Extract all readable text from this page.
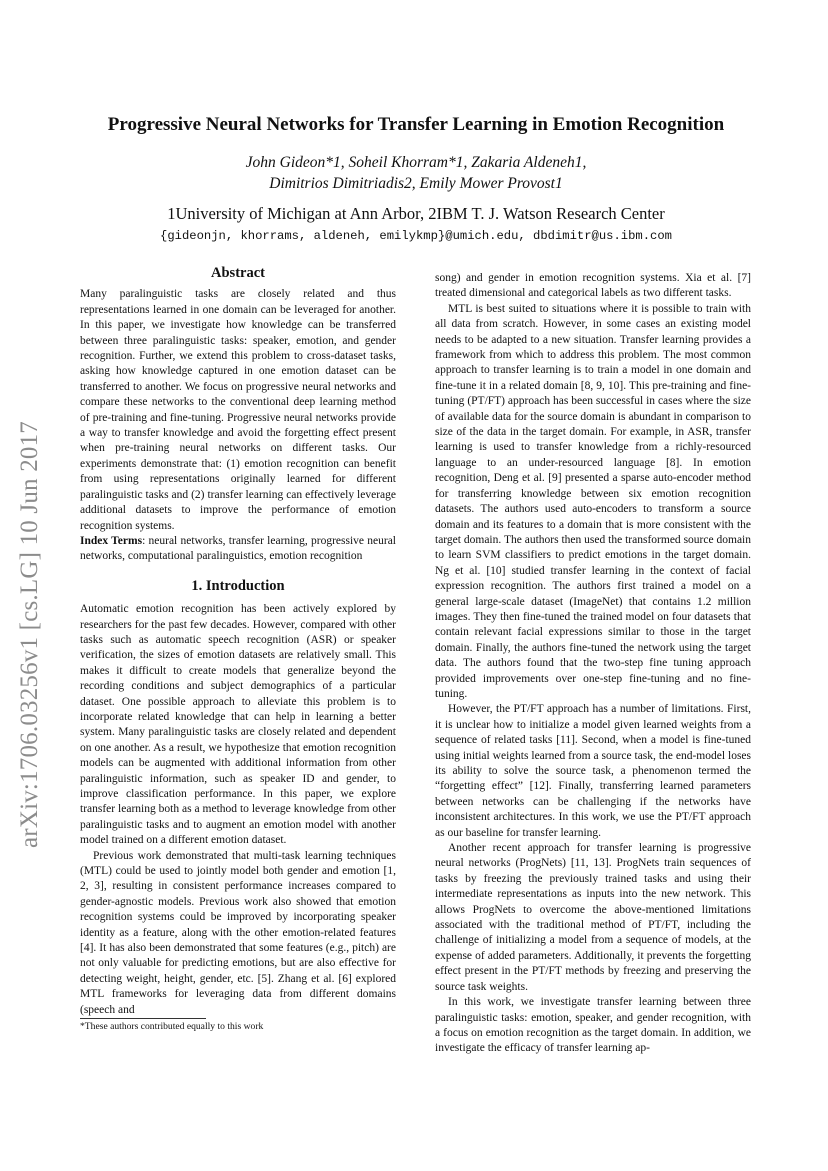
arXiv:1706.03256v1 [cs.LG] 10 Jun 2017
Progressive Neural Networks for Transfer Learning in Emotion Recognition
John Gideon*1, Soheil Khorram*1, Zakaria Aldeneh1,
Dimitrios Dimitriadis2, Emily Mower Provost1
1University of Michigan at Ann Arbor, 2IBM T. J. Watson Research Center
{gideonjn, khorrams, aldeneh, emilykmp}@umich.edu, dbdimitr@us.ibm.com
Abstract

Many paralinguistic tasks are closely related and thus representations learned in one domain can be leveraged for another. In this paper, we investigate how knowledge can be transferred between three paralinguistic tasks: speaker, emotion, and gender recognition. Further, we extend this problem to cross-dataset tasks, asking how knowledge captured in one emotion dataset can be transferred to another. We focus on progressive neural networks and compare these networks to the conventional deep learning method of pre-training and fine-tuning. Progressive neural networks provide a way to transfer knowledge and avoid the forgetting effect present when pre-training neural networks on different tasks. Our experiments demonstrate that: (1) emotion recognition can benefit from using representations originally learned for different paralinguistic tasks and (2) transfer learning can effectively leverage additional datasets to improve the performance of emotion recognition systems.

Index Terms: neural networks, transfer learning, progressive neural networks, computational paralinguistics, emotion recognition

1. Introduction

Automatic emotion recognition has been actively explored by researchers for the past few decades. However, compared with other tasks such as automatic speech recognition (ASR) or speaker verification, the sizes of emotion datasets are relatively small. This makes it difficult to create models that generalize beyond the recording conditions and subject demographics of a particular dataset. One possible approach to alleviate this problem is to incorporate related knowledge that can help in learning a better system. Many paralinguistic tasks are closely related and dependent on one another. As a result, we hypothesize that emotion recognition models can be augmented with additional information from other paralinguistic information, such as speaker ID and gender, to improve classification performance. In this paper, we explore transfer learning both as a method to leverage knowledge from other paralinguistic tasks and to augment an emotion model with another model trained on a different emotion dataset.

Previous work demonstrated that multi-task learning techniques (MTL) could be used to jointly model both gender and emotion [1, 2, 3], resulting in consistent performance increases compared to gender-agnostic models. Previous work also showed that emotion recognition systems could be improved by incorporating speaker identity as a feature, along with the other emotion-related features [4]. It has also been demonstrated that some features (e.g., pitch) are not only valuable for predicting emotions, but are also effective for detecting weight, height, gender, etc. [5]. Zhang et al. [6] explored MTL frameworks for leveraging data from different domains (speech and

song) and gender in emotion recognition systems. Xia et al. [7] treated dimensional and categorical labels as two different tasks.

MTL is best suited to situations where it is possible to train with all data from scratch. However, in some cases an existing model needs to be adapted to a new situation. Transfer learning provides a framework from which to address this problem. The most common approach to transfer learning is to train a model in one domain and fine-tune it in a related domain [8, 9, 10]. This pre-training and fine-tuning (PT/FT) approach has been successful in cases where the size of available data for the source domain is abundant in comparison to size of the data in the target domain. For example, in ASR, transfer learning is used to transfer knowledge from a richly-resourced language to an under-resourced language [8]. In emotion recognition, Deng et al. [9] presented a sparse auto-encoder method for transferring knowledge between six emotion recognition datasets. The authors used auto-encoders to transform a source domain and its features to a domain that is more consistent with the target domain. The authors then used the transformed source domain to learn SVM classifiers to predict emotions in the target domain. Ng et al. [10] studied transfer learning in the context of facial expression recognition. The authors first trained a model on a general large-scale dataset (ImageNet) that contains 1.2 million images. They then fine-tuned the trained model on four datasets that contain relevant facial expressions similar to those in the target domain. Finally, the authors fine-tuned the network using the target data. The authors found that the two-step fine tuning approach provided improvements over one-step fine-tuning and no fine-tuning.

However, the PT/FT approach has a number of limitations. First, it is unclear how to initialize a model given learned weights from a sequence of related tasks [11]. Second, when a model is fine-tuned using initial weights learned from a source task, the end-model loses its ability to solve the source task, a phenomenon termed the “forgetting effect” [12]. Finally, transferring learned parameters between networks can be challenging if the networks have inconsistent architectures. In this work, we use the PT/FT approach as our baseline for transfer learning.

Another recent approach for transfer learning is progressive neural networks (ProgNets) [11, 13]. ProgNets train sequences of tasks by freezing the previously trained tasks and using their intermediate representations as inputs into the new network. This allows ProgNets to overcome the above-mentioned limitations associated with the traditional method of PT/FT, including the challenge of initializing a model from a sequence of models, at the expense of added parameters. Additionally, it prevents the forgetting effect present in the PT/FT methods by freezing and preserving the source task weights.

In this work, we investigate transfer learning between three paralinguistic tasks: emotion, speaker, and gender recognition, with a focus on emotion recognition as the target domain. In addition, we investigate the efficacy of transfer learning ap-

*These authors contributed equally to this work
